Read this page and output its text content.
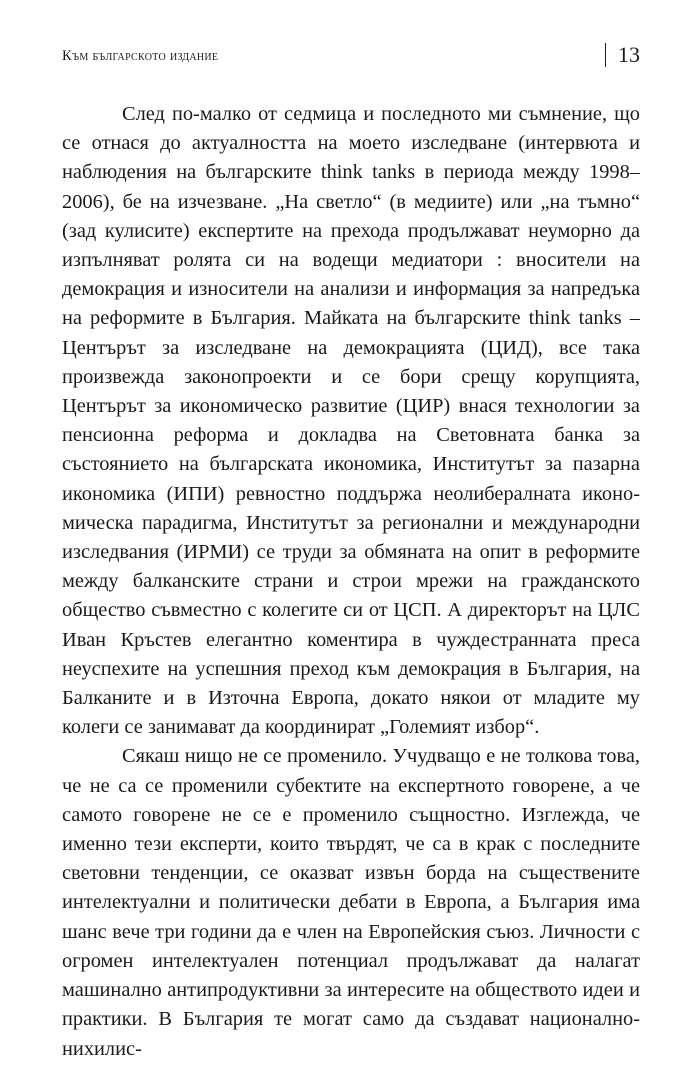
Към българското издание	13

След по-малко от седмица и последното ми съмнение, що се отнася до актуалността на моето изследване (интервюта и наблюдения на българските think tanks в периода между 1998–2006), бе на изчезване. „На светло“ (в медиите) или „на тъмно“ (зад кулисите) експертите на прехода продължават неуморно да изпълняват ролята си на водещи медиатори : вносители на демокрация и износители на анализи и информация за напредъка на реформите в България. Майката на българските think tanks – Центърът за изследване на демокрацията (ЦИД), все така произвежда законопроекти и се бори срещу корупцията, Центърът за икономическо развитие (ЦИР) внася технологии за пенсионна реформа и докладва на Световната банка за състоянието на българската икономика, Институтът за пазарна икономика (ИПИ) ревностно поддържа неолибералната икономическа парадигма, Институтът за регионални и международни изследвания (ИРМИ) се труди за обмяната на опит в реформите между балканските страни и строи мрежи на гражданското общество съвместно с колегите си от ЦСП. А директорът на ЦЛС Иван Кръстев елегантно коментира в чуждестранната преса неуспехите на успешния преход към демокрация в България, на Балканите и в Източна Европа, докато някои от младите му колеги се занимават да координират „Големият избор“.

Сякаш нищо не се променило. Учудващо е не толкова това, че не са се променили субектите на експертното говорене, а че самото говорене не се е променило същностно. Изглежда, че именно тези експерти, които твърдят, че са в крак с последните световни тенденции, се оказват извън борда на съществените интелектуални и политически дебати в Европа, а България има шанс вече три години да е член на Европейския съюз. Личности с огромен интелектуален потенциал продължават да налагат машинално антипродуктивни за интересите на обществото идеи и практики. В България те могат само да създават национално-нихилис-
